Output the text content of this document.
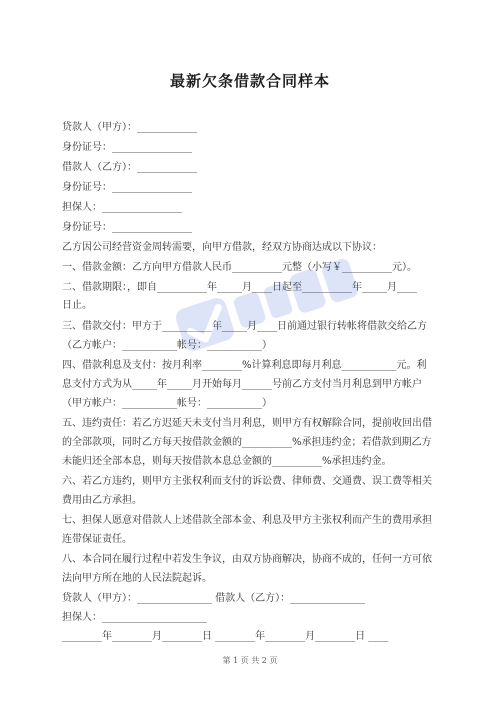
最新欠条借款合同样本
贷款人（甲方）：____________
身份证号：________________
借款人（乙方）：____________
身份证号：________________
担保人：________________
身份证号：________________
乙方因公司经营资金周转需要，向甲方借款，经双方协商达成以下协议：
一、借款金额：乙方向甲方借款人民币__________元整（小写￥__________元）。
二、借款期限：，即自__________年_____月____日起至__________年_____月____
日止。
三、借款交付：甲方于__________年_____月____日前通过银行转帐将借款交给乙方
（乙方帐户：___________帐号：___________）
四、借款利息及支付：按月利率________%计算利息即每月利息___________元。利
息支付方式为从_____年_____月开始每月______号前乙方支付当月利息到甲方帐户
（甲方帐户：___________帐号：___________）
五、违约责任：若乙方迟延天未支付当月利息，则甲方有权解除合同，提前收回出借
的全部款项，同时乙方每天按借款金额的__________%承担违约金；若借款到期乙方
未能归还全部本息，则每天按借款本息总金额的__________%承担违约金。
六、若乙方违约，则甲方主张权利而支付的诉讼费、律师费、交通费、误工费等相关
费用由乙方承担。
七、担保人愿意对借款人上述借款全部本金、利息及甲方主张权利而产生的费用承担
连带保证责任。
八、本合同在履行过程中若发生争议，由双方协商解决，协商不成的，任何一方可依
法向甲方所在地的人民法院起诉。
贷款人（甲方）：_______________ 借款人（乙方）：_______________
担保人：_____________________
________年________月________日 ________年________月________日 ____
第 1 页 共 2 页
